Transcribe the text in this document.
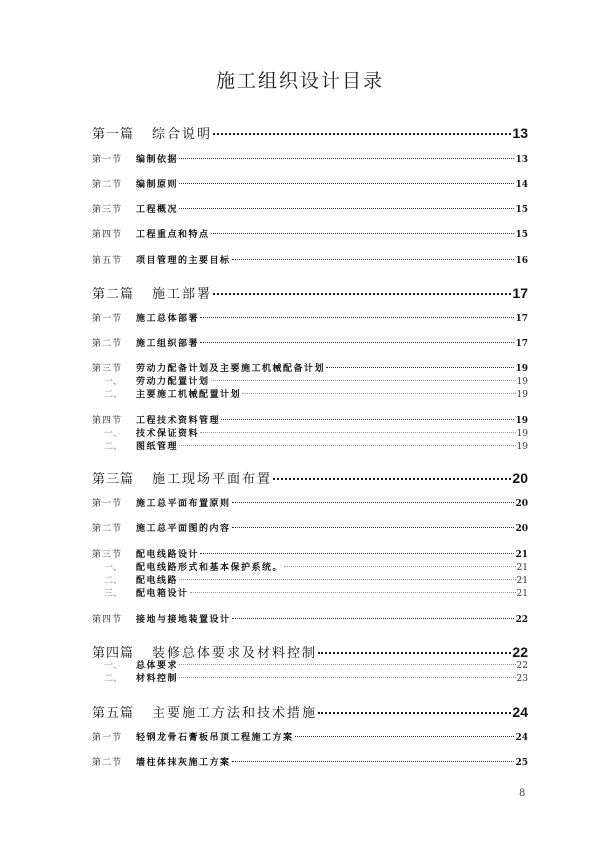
施工组织设计目录
第一篇	综合说明	13
第一节	编制依据	13
第二节	编制原则	14
第三节	工程概况	15
第四节	工程重点和特点	15
第五节	项目管理的主要目标	16
第二篇	施工部署	17
第一节	施工总体部署	17
第二节	施工组织部署	17
第三节	劳动力配备计划及主要施工机械配备计划	19
一、	劳动力配置计划	19
二、	主要施工机械配置计划	19
第四节	工程技术资料管理	19
一、	技术保证资料	19
二、	图纸管理	19
第三篇	施工现场平面布置	20
第一节	施工总平面布置原则	20
第二节	施工总平面图的内容	20
第三节	配电线路设计	21
一、	配电线路形式和基本保护系统。	21
二、	配电线路	21
三、	配电箱设计	21
第四节	接地与接地装置设计	22
第四篇	装修总体要求及材料控制	22
一、	总体要求	22
二、	材料控制	23
第五篇	主要施工方法和技术措施	24
第一节	轻钢龙骨石膏板吊顶工程施工方案	24
第二节	墙柱体抹灰施工方案	25
8
